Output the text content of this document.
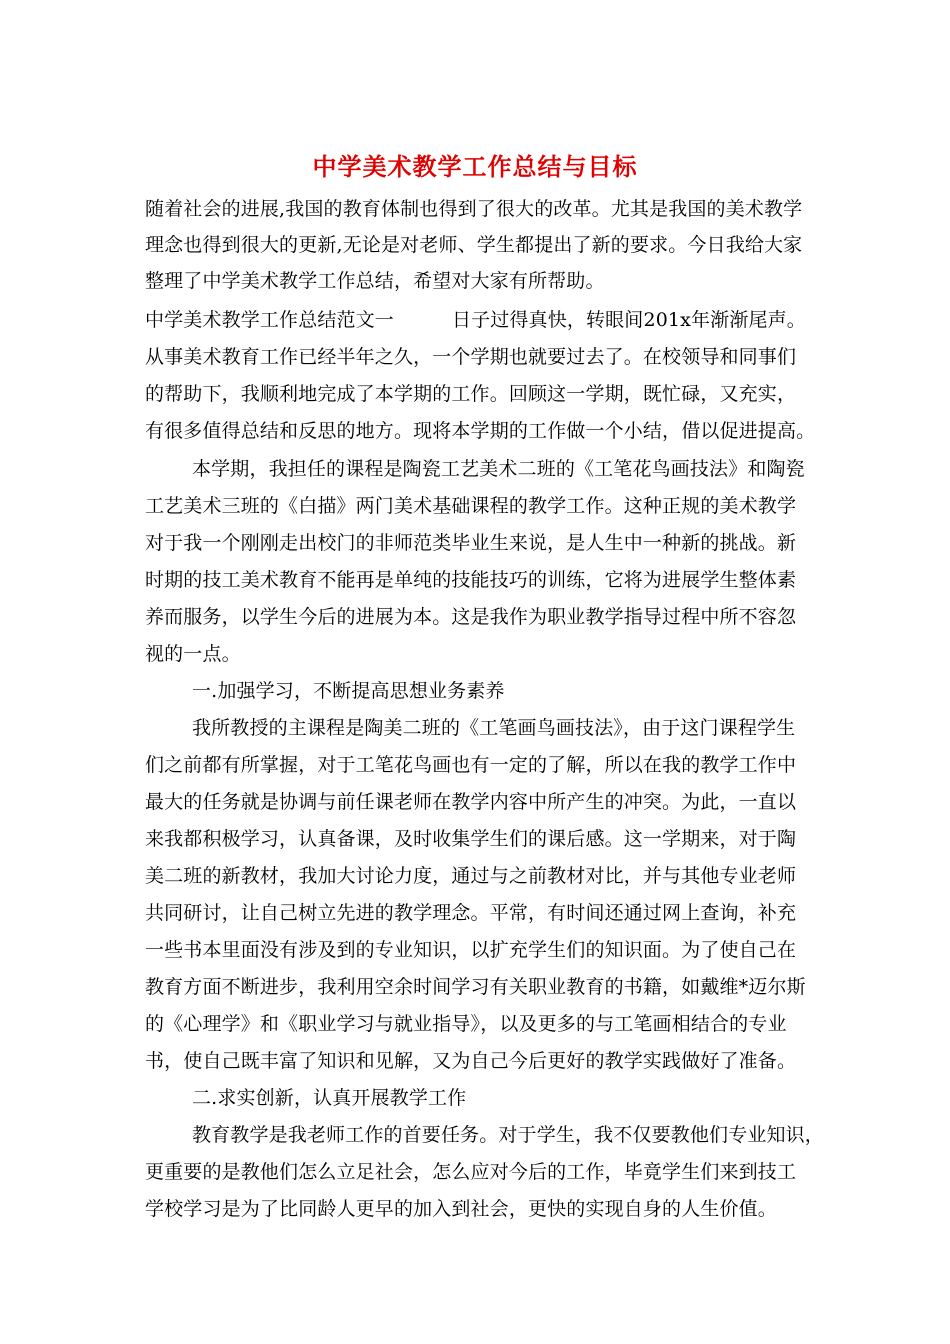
中学美术教学工作总结与目标
随着社会的进展,我国的教育体制也得到了很大的改革。尤其是我国的美术教学
理念也得到很大的更新,无论是对老师、学生都提出了新的要求。今日我给大家
整理了中学美术教学工作总结，希望对大家有所帮助。
中学美术教学工作总结范文一	日子过得真快，转眼间201x年渐渐尾声。
从事美术教育工作已经半年之久，一个学期也就要过去了。在校领导和同事们
的帮助下，我顺利地完成了本学期的工作。回顾这一学期，既忙碌，又充实，
有很多值得总结和反思的地方。现将本学期的工作做一个小结，借以促进提高。
本学期，我担任的课程是陶瓷工艺美术二班的《工笔花鸟画技法》和陶瓷
工艺美术三班的《白描》两门美术基础课程的教学工作。这种正规的美术教学
对于我一个刚刚走出校门的非师范类毕业生来说，是人生中一种新的挑战。新
时期的技工美术教育不能再是单纯的技能技巧的训练，它将为进展学生整体素
养而服务，以学生今后的进展为本。这是我作为职业教学指导过程中所不容忽
视的一点。
一.加强学习，不断提高思想业务素养
我所教授的主课程是陶美二班的《工笔画鸟画技法》，由于这门课程学生
们之前都有所掌握，对于工笔花鸟画也有一定的了解，所以在我的教学工作中
最大的任务就是协调与前任课老师在教学内容中所产生的冲突。为此，一直以
来我都积极学习，认真备课，及时收集学生们的课后感。这一学期来，对于陶
美二班的新教材，我加大讨论力度，通过与之前教材对比，并与其他专业老师
共同研讨，让自己树立先进的教学理念。平常，有时间还通过网上查询，补充
一些书本里面没有涉及到的专业知识，以扩充学生们的知识面。为了使自己在
教育方面不断进步，我利用空余时间学习有关职业教育的书籍，如戴维*迈尔斯
的《心理学》和《职业学习与就业指导》，以及更多的与工笔画相结合的专业
书，使自己既丰富了知识和见解，又为自己今后更好的教学实践做好了准备。
二.求实创新，认真开展教学工作
教育教学是我老师工作的首要任务。对于学生，我不仅要教他们专业知识，
更重要的是教他们怎么立足社会，怎么应对今后的工作，毕竟学生们来到技工
学校学习是为了比同龄人更早的加入到社会，更快的实现自身的人生价值。
